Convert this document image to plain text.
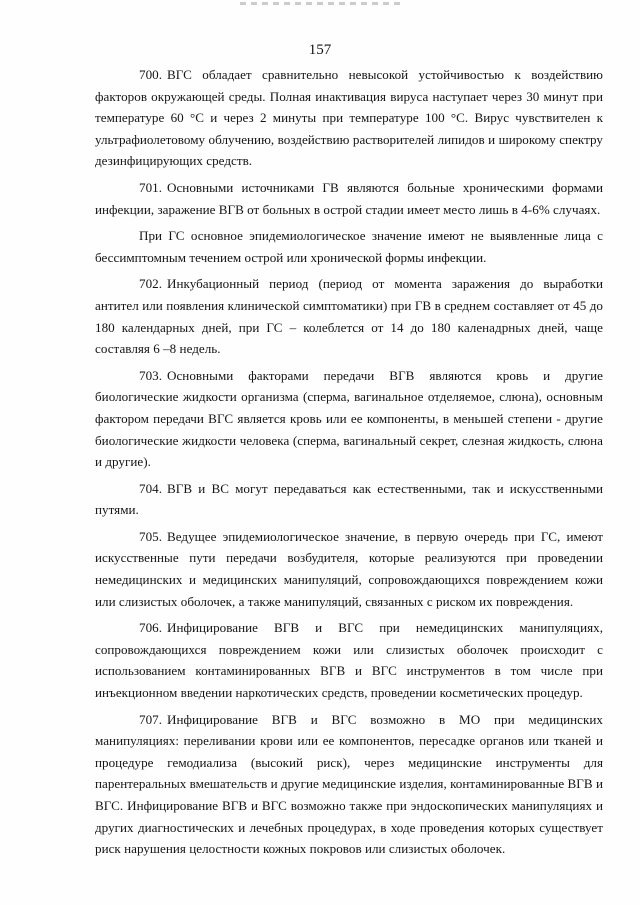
157

700. ВГС обладает сравнительно невысокой устойчивостью к воздействию факторов окружающей среды. Полная инактивация вируса наступает через 30 минут при температуре 60 °С и через 2 минуты при температуре 100 °С. Вирус чувствителен к ультрафиолетовому облучению, воздействию растворителей липидов и широкому спектру дезинфицирующих средств.

701. Основными источниками ГВ являются больные хроническими формами инфекции, заражение ВГВ от больных в острой стадии имеет место лишь в 4-6% случаях.

При ГС основное эпидемиологическое значение имеют не выявленные лица с бессимптомным течением острой или хронической формы инфекции.

702. Инкубационный период (период от момента заражения до выработки антител или появления клинической симптоматики) при ГВ в среднем составляет от 45 до 180 календарных дней, при ГС – колеблется от 14 до 180 каленадрных дней, чаще составляя 6 –8 недель.

703. Основными факторами передачи ВГВ являются кровь и другие биологические жидкости организма (сперма, вагинальное отделяемое, слюна), основным фактором передачи ВГС является кровь или ее компоненты, в меньшей степени - другие биологические жидкости человека (сперма, вагинальный секрет, слезная жидкость, слюна и другие).

704. ВГВ и ВС могут передаваться как естественными, так и искусственными путями.

705. Ведущее эпидемиологическое значение, в первую очередь при ГС, имеют искусственные пути передачи возбудителя, которые реализуются при проведении немедицинских и медицинских манипуляций, сопровождающихся повреждением кожи или слизистых оболочек, а также манипуляций, связанных с риском их повреждения.

706. Инфицирование ВГВ и ВГС при немедицинских манипуляциях, сопровождающихся повреждением кожи или слизистых оболочек происходит с использованием контаминированных ВГВ и ВГС инструментов в том числе при инъекционном введении наркотических средств, проведении косметических процедур.

707. Инфицирование ВГВ и ВГС возможно в МО при медицинских манипуляциях: переливании крови или ее компонентов, пересадке органов или тканей и процедуре гемодиализа (высокий риск), через медицинские инструменты для парентеральных вмешательств и другие медицинские изделия, контаминированные ВГВ и ВГС. Инфицирование ВГВ и ВГС возможно также при эндоскопических манипуляциях и других диагностических и лечебных процедурах, в ходе проведения которых существует риск нарушения целостности кожных покровов или слизистых оболочек.
